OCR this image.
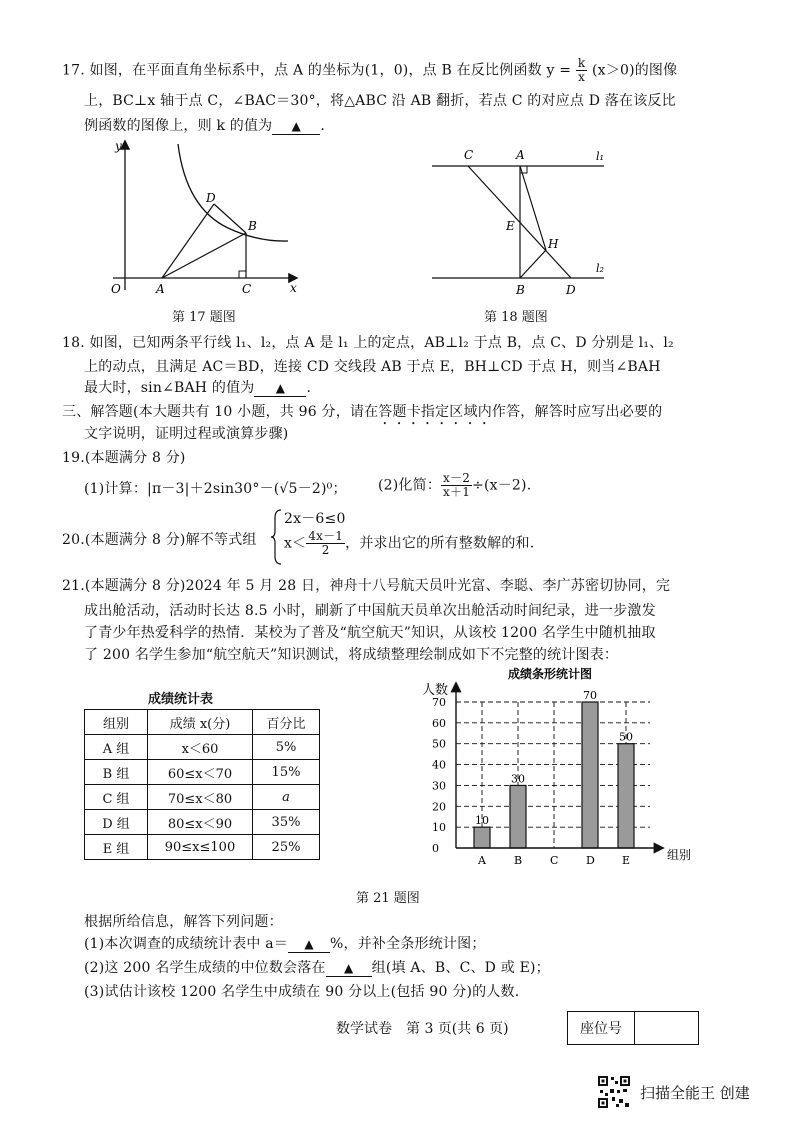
17. 如图，在平面直角坐标系中，点 A 的坐标为(1，0)，点 B 在反比例函数 $y = \frac{k}{x} (x>0)$的图像
上，BC⊥x 轴于点 C，∠BAC＝30°，将△ABC 沿 AB 翻折，若点 C 的对应点 D 落在该反比
例函数的图像上，则 k 的值为 ▲ .
y
O	A	C	x
D
B
第 17 题图
C	A	l₁
E
H
l₂
B	D
第 18 题图
18. 如图，已知两条平行线 l₁、l₂，点 A 是 l₁ 上的定点，AB⊥l₂ 于点 B，点 C、D 分别是 l₁、l₂
上的动点，且满足 AC＝BD，连接 CD 交线段 AB 于点 E，BH⊥CD 于点 H，则当∠BAH
最大时，sin∠BAH 的值为 ▲ .
三、解答题(本大题共有 10 小题，共 96 分，请在答题卡指定区域内作答，解答时应写出必要的
文字说明，证明过程或演算步骤)
19.(本题满分 8 分)
(1)计算：|π－3|＋2sin30°－(√5－2)⁰； (2)化简： $\frac{x-2}{x+1} \div(x-2)$.
20.(本题满分 8 分)解不等式组
2x－6≤0
$x< \frac{4x-1}{2}$ ，并求出它的所有整数解的和.
21.(本题满分 8 分)2024 年 5 月 28 日，神舟十八号航天员叶光富、李聪、李广苏密切协同，完
成出舱活动，活动时长达 8.5 小时，刷新了中国航天员单次出舱活动时间纪录，进一步激发
了青少年热爱科学的热情．某校为了普及“航空航天”知识，从该校 1200 名学生中随机抽取
了 200 名学生参加“航空航天”知识测试，将成绩整理绘制成如下不完整的统计图表：
成绩统计表
组别	成绩 x(分)	百分比
A 组	x＜60	5%
B 组	60≤x＜70	15%
C 组	70≤x＜80	a
D 组	80≤x＜90	35%
E 组	90≤x≤100	25%
成绩条形统计图
人数
组别
0
10
20
30
40
50
60
70
A	B	C	D E
10
30
70
50
第 21 题图
根据所给信息，解答下列问题：
(1)本次调查的成绩统计表中 a＝ ▲ %，并补全条形统计图；
(2)这 200 名学生成绩的中位数会落在 ▲ 组(填 A、B、C、D 或 E)；
(3)试估计该校 1200 名学生中成绩在 90 分以上(包括 90 分)的人数.
数学试卷　第 3 页(共 6 页)	座位号
扫描全能王 创建
